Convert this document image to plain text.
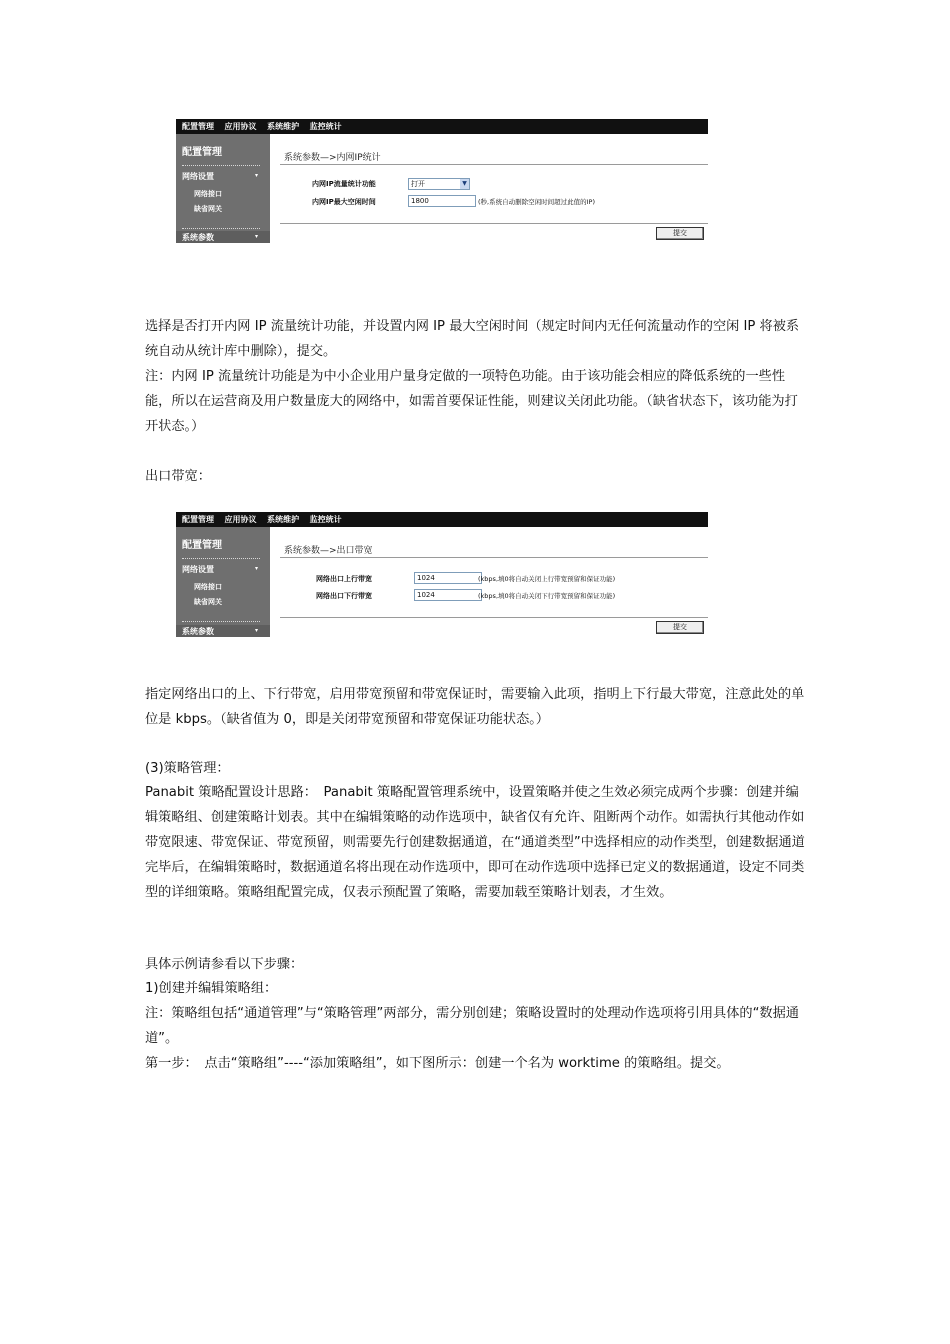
配置管理 应用协议 系统维护 监控统计
配置管理
网络设置	▾
网络接口
缺省网关
系统参数	▾
系统参数—>内网IP统计
内网IP流量统计功能	打开	▼
内网IP最大空闲时间	1800	(秒,系统自动删除空闲时间超过此值的IP)
提交

选择是否打开内网 IP 流量统计功能，并设置内网 IP 最大空闲时间（规定时间内无任何流量动作的空闲 IP 将被系统自动从统计库中删除），提交。

注：内网 IP 流量统计功能是为中小企业用户量身定做的一项特色功能。由于该功能会相应的降低系统的一些性能，所以在运营商及用户数量庞大的网络中，如需首要保证性能，则建议关闭此功能。（缺省状态下，该功能为打开状态。）

出口带宽：

配置管理 应用协议 系统维护 监控统计
配置管理
网络设置	▾
网络接口
缺省网关
系统参数	▾
系统参数—>出口带宽
网络出口上行带宽	1024	(kbps,填0将自动关闭上行带宽预留和保证功能)
网络出口下行带宽	1024	(kbps,填0将自动关闭下行带宽预留和保证功能)
提交

指定网络出口的上、下行带宽，启用带宽预留和带宽保证时，需要输入此项，指明上下行最大带宽，注意此处的单位是 kbps。（缺省值为 0，即是关闭带宽预留和带宽保证功能状态。）

(3)策略管理：

Panabit 策略配置设计思路：　Panabit 策略配置管理系统中，设置策略并使之生效必须完成两个步骤：创建并编辑策略组、创建策略计划表。其中在编辑策略的动作选项中，缺省仅有允许、阻断两个动作。如需执行其他动作如带宽限速、带宽保证、带宽预留，则需要先行创建数据通道，在“通道类型”中选择相应的动作类型，创建数据通道完毕后，在编辑策略时，数据通道名将出现在动作选项中，即可在动作选项中选择已定义的数据通道，设定不同类型的详细策略。策略组配置完成，仅表示预配置了策略，需要加载至策略计划表，才生效。

具体示例请参看以下步骤：

1)创建并编辑策略组：

注：策略组包括“通道管理”与“策略管理”两部分，需分别创建；策略设置时的处理动作选项将引用具体的“数据通道”。

第一步：　点击“策略组”----“添加策略组”，如下图所示：创建一个名为 worktime 的策略组。提交。
